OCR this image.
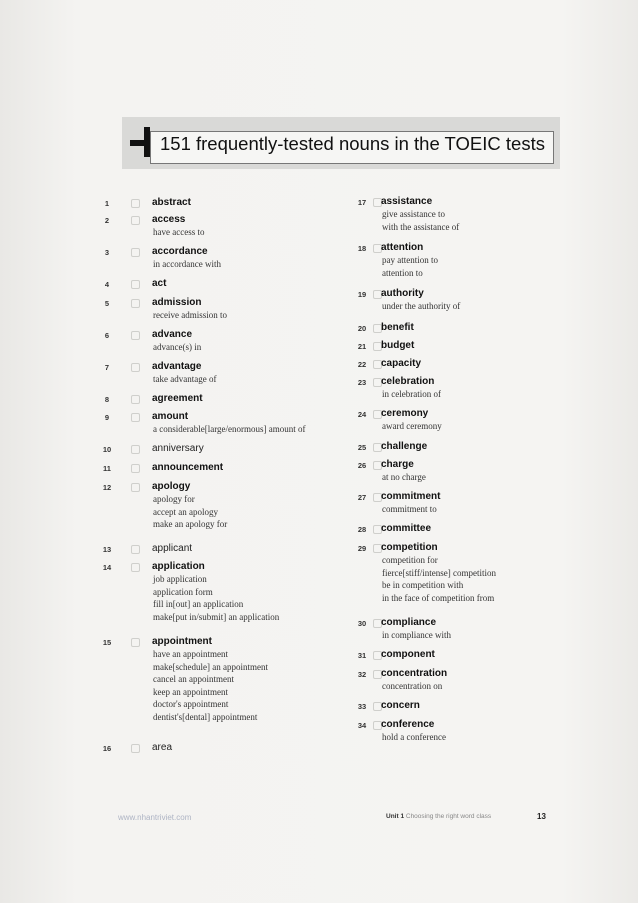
151 frequently-tested nouns in the TOEIC tests
1	abstract
2	access
have access to
3	accordance
in accordance with
4	act
5	admission
receive admission to
6	advance
advance(s) in
7	advantage
take advantage of
8	agreement
9	amount
a considerable[large/enormous] amount of
10	anniversary
11	announcement
12	apology
apology for
accept an apology
make an apology for
13	applicant
14	application
job application
application form
fill in[out] an application
make[put in/submit] an application
15	appointment
have an appointment
make[schedule] an appointment
cancel an appointment
keep an appointment
doctor's appointment
dentist's[dental] appointment
16	area
17	assistance
give assistance to
with the assistance of
18	attention
pay attention to
attention to
19	authority
under the authority of
20	benefit
21	budget
22	capacity
23	celebration
in celebration of
24	ceremony
award ceremony
25	challenge
26	charge
at no charge
27	commitment
commitment to
28	committee
29	competition
competition for
fierce[stiff/intense] competition
be in competition with
in the face of competition from
30	compliance
in compliance with
31	component
32	concentration
concentration on
33	concern
34	conference
hold a conference
www.nhantriviet.com	Unit 1 Choosing the right word class	13
